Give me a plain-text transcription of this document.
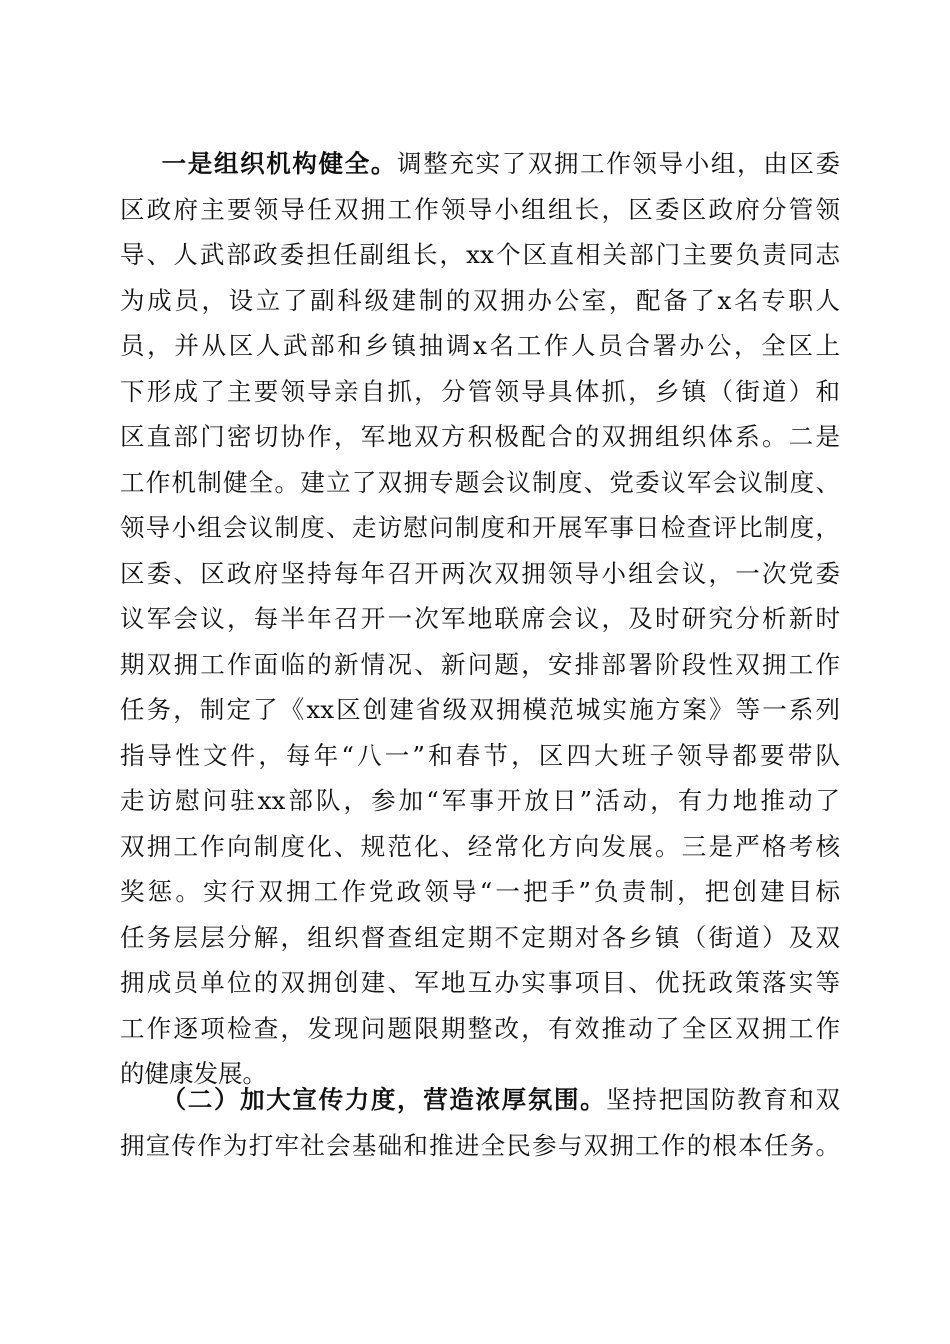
一是组织机构健全。调整充实了双拥工作领导小组，由区委
区政府主要领导任双拥工作领导小组组长，区委区政府分管领
导、人武部政委担任副组长，xx个区直相关部门主要负责同志
为成员，设立了副科级建制的双拥办公室，配备了x名专职人
员，并从区人武部和乡镇抽调x名工作人员合署办公，全区上
下形成了主要领导亲自抓，分管领导具体抓，乡镇（街道）和
区直部门密切协作，军地双方积极配合的双拥组织体系。二是
工作机制健全。建立了双拥专题会议制度、党委议军会议制度、
领导小组会议制度、走访慰问制度和开展军事日检查评比制度，
区委、区政府坚持每年召开两次双拥领导小组会议，一次党委
议军会议，每半年召开一次军地联席会议，及时研究分析新时
期双拥工作面临的新情况、新问题，安排部署阶段性双拥工作
任务，制定了《xx区创建省级双拥模范城实施方案》等一系列
指导性文件，每年“八一”和春节，区四大班子领导都要带队
走访慰问驻xx部队，参加“军事开放日”活动，有力地推动了
双拥工作向制度化、规范化、经常化方向发展。三是严格考核
奖惩。实行双拥工作党政领导“一把手”负责制，把创建目标
任务层层分解，组织督查组定期不定期对各乡镇（街道）及双
拥成员单位的双拥创建、军地互办实事项目、优抚政策落实等
工作逐项检查，发现问题限期整改，有效推动了全区双拥工作
的健康发展。
（二）加大宣传力度，营造浓厚氛围。坚持把国防教育和双
拥宣传作为打牢社会基础和推进全民参与双拥工作的根本任务。
